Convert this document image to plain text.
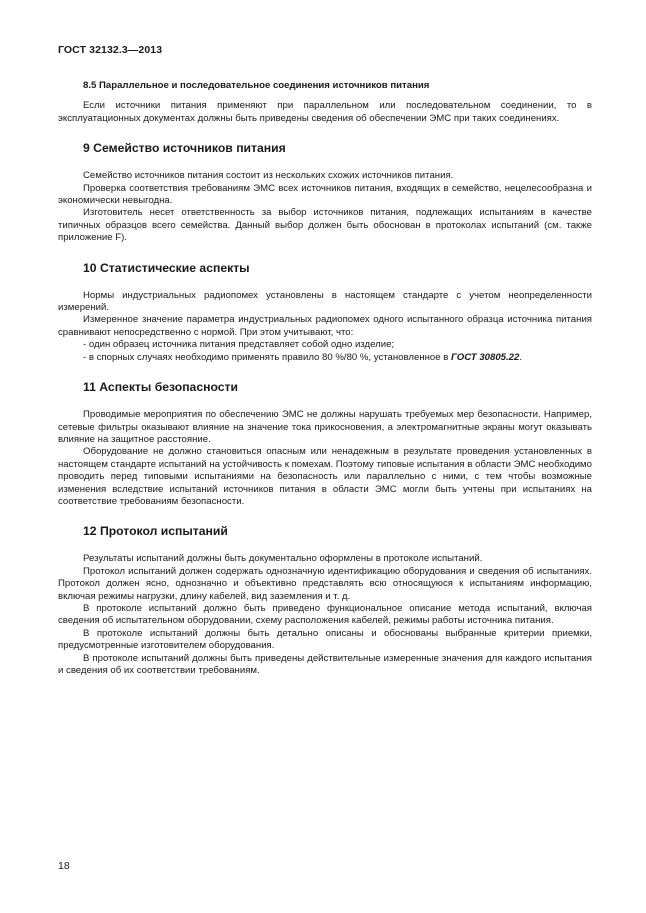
ГОСТ 32132.3—2013
8.5 Параллельное и последовательное соединения источников питания

Если источники питания применяют при параллельном или последовательном соединении, то в эксплуатационных документах должны быть приведены сведения об обеспечении ЭМС при таких соединениях.

9 Семейство источников питания

Семейство источников питания состоит из нескольких схожих источников питания.

Проверка соответствия требованиям ЭМС всех источников питания, входящих в семейство, нецелесообразна и экономически невыгодна.

Изготовитель несет ответственность за выбор источников питания, подлежащих испытаниям в качестве типичных образцов всего семейства. Данный выбор должен быть обоснован в протоколах испытаний (см. также приложение F).

10 Статистические аспекты

Нормы индустриальных радиопомех установлены в настоящем стандарте с учетом неопределенности измерений.

Измеренное значение параметра индустриальных радиопомех одного испытанного образца источника питания сравнивают непосредственно с нормой. При этом учитывают, что:

- один образец источника питания представляет собой одно изделие;

- в спорных случаях необходимо применять правило 80 %/80 %, установленное в ГОСТ 30805.22.

11 Аспекты безопасности

Проводимые мероприятия по обеспечению ЭМС не должны нарушать требуемых мер безопасности. Например, сетевые фильтры оказывают влияние на значение тока прикосновения, а электромагнитные экраны могут оказывать влияние на защитное расстояние.

Оборудование не должно становиться опасным или ненадежным в результате проведения установленных в настоящем стандарте испытаний на устойчивость к помехам. Поэтому типовые испытания в области ЭМС необходимо проводить перед типовыми испытаниями на безопасность или параллельно с ними, с тем чтобы возможные изменения вследствие испытаний источников питания в области ЭМС могли быть учтены при испытаниях на соответствие требованиям безопасности.

12 Протокол испытаний

Результаты испытаний должны быть документально оформлены в протоколе испытаний.

Протокол испытаний должен содержать однозначную идентификацию оборудования и сведения об испытаниях. Протокол должен ясно, однозначно и объективно представлять всю относящуюся к испытаниям информацию, включая режимы нагрузки, длину кабелей, вид заземления и т. д.

В протоколе испытаний должно быть приведено функциональное описание метода испытаний, включая сведения об испытательном оборудовании, схему расположения кабелей, режимы работы источника питания.

В протоколе испытаний должны быть детально описаны и обоснованы выбранные критерии приемки, предусмотренные изготовителем оборудования.

В протоколе испытаний должны быть приведены действительные измеренные значения для каждого испытания и сведения об их соответствии требованиям.

18
